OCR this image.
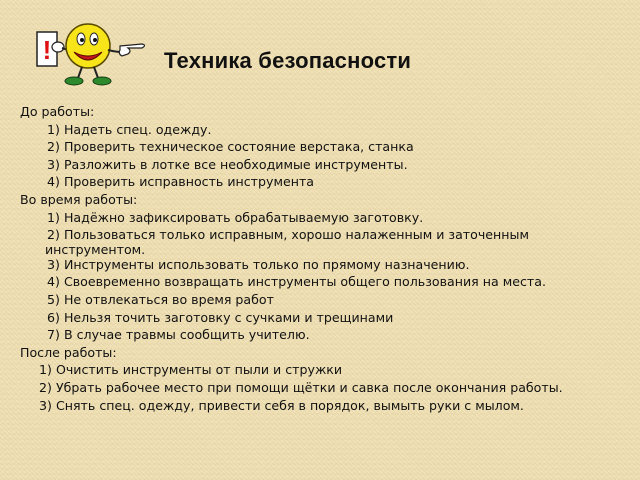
!	Техника безопасности
До работы:
1)
Надеть спец. одежду.
2)
Проверить техническое состояние верстака, станка
3)
Разложить в лотке все необходимые инструменты.
4)
Проверить исправность инструмента
Во время работы:
1)
Надёжно зафиксировать обрабатываемую заготовку.
2) Пользоваться только исправным, хорошо налаженным и заточенным
инструментом.
3)
Инструменты использовать только по прямому назначению.
4)
Своевременно возвращать инструменты общего пользования на места.
5)
Не отвлекаться во время работ
6)
Нельзя точить заготовку с сучками и трещинами
7)
В случае травмы сообщить учителю.
После работы:
1)
Очистить инструменты от пыли и стружки
2)
Убрать рабочее место при помощи щётки и савка после окончания работы.
3)
Снять спец. одежду, привести себя в порядок, вымыть руки с мылом.
